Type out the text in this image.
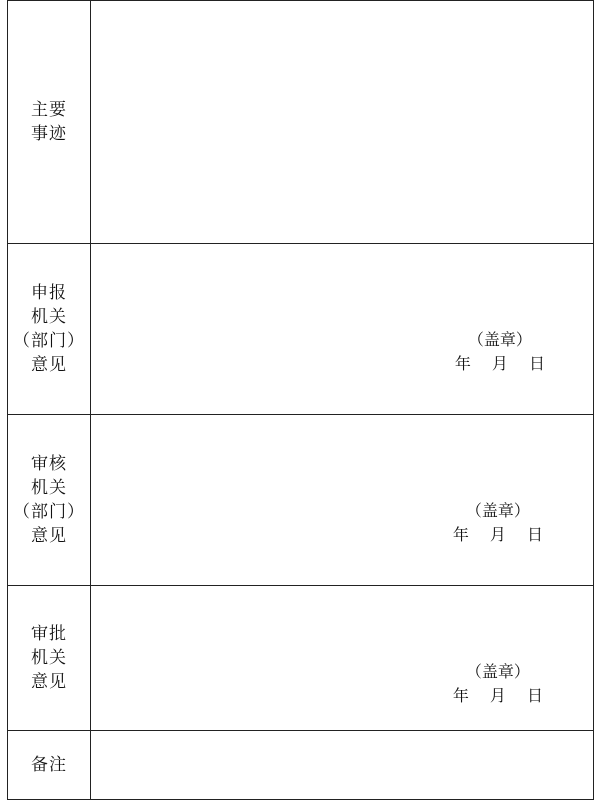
主要
事迹	

申报
机关
（部门）
意见	（盖章）
年　 月　 日

审核
机关
（部门）
意见	（盖章）
年　 月　 日

审批
机关
意见	（盖章）
年　 月　 日

备注	
